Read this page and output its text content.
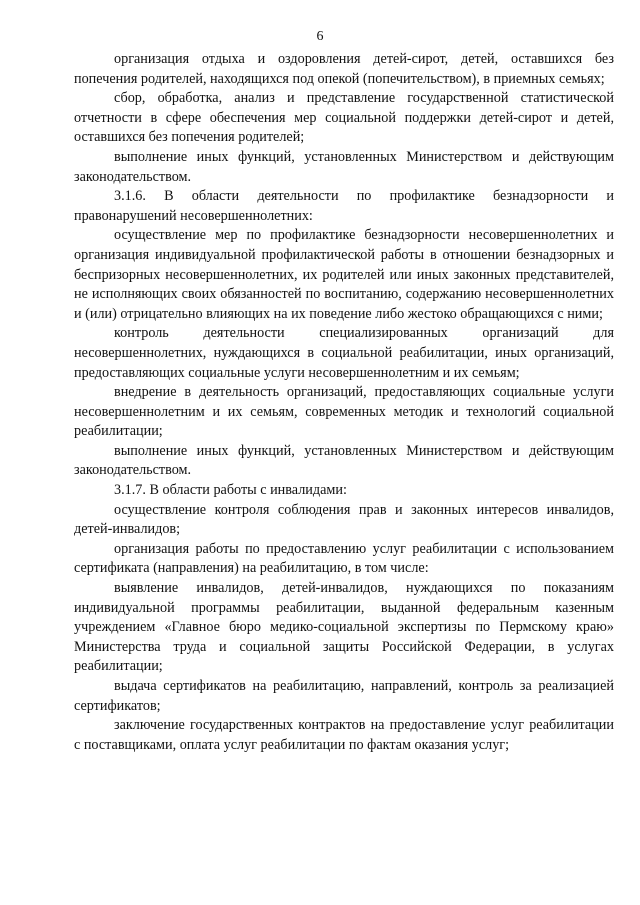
6

организация отдыха и оздоровления детей-сирот, детей, оставшихся без попечения родителей, находящихся под опекой (попечительством), в приемных семьях;

сбор, обработка, анализ и представление государственной статистической отчетности в сфере обеспечения мер социальной поддержки детей-сирот и детей, оставшихся без попечения родителей;

выполнение иных функций, установленных Министерством и действующим законодательством.

3.1.6. В области деятельности по профилактике безнадзорности и правонарушений несовершеннолетних:

осуществление мер по профилактике безнадзорности несовершеннолетних и организация индивидуальной профилактической работы в отношении безнадзорных и беспризорных несовершеннолетних, их родителей или иных законных представителей, не исполняющих своих обязанностей по воспитанию, содержанию несовершеннолетних и (или) отрицательно влияющих на их поведение либо жестоко обращающихся с ними;

контроль деятельности специализированных организаций для несовершеннолетних, нуждающихся в социальной реабилитации, иных организаций, предоставляющих социальные услуги несовершеннолетним и их семьям;

внедрение в деятельность организаций, предоставляющих социальные услуги несовершеннолетним и их семьям, современных методик и технологий социальной реабилитации;

выполнение иных функций, установленных Министерством и действующим законодательством.

3.1.7. В области работы с инвалидами:

осуществление контроля соблюдения прав и законных интересов инвалидов, детей-инвалидов;

организация работы по предоставлению услуг реабилитации с использованием сертификата (направления) на реабилитацию, в том числе:

выявление инвалидов, детей-инвалидов, нуждающихся по показаниям индивидуальной программы реабилитации, выданной федеральным казенным учреждением «Главное бюро медико-социальной экспертизы по Пермскому краю» Министерства труда и социальной защиты Российской Федерации, в услугах реабилитации;

выдача сертификатов на реабилитацию, направлений, контроль за реализацией сертификатов;

заключение государственных контрактов на предоставление услуг реабилитации с поставщиками, оплата услуг реабилитации по фактам оказания услуг;
